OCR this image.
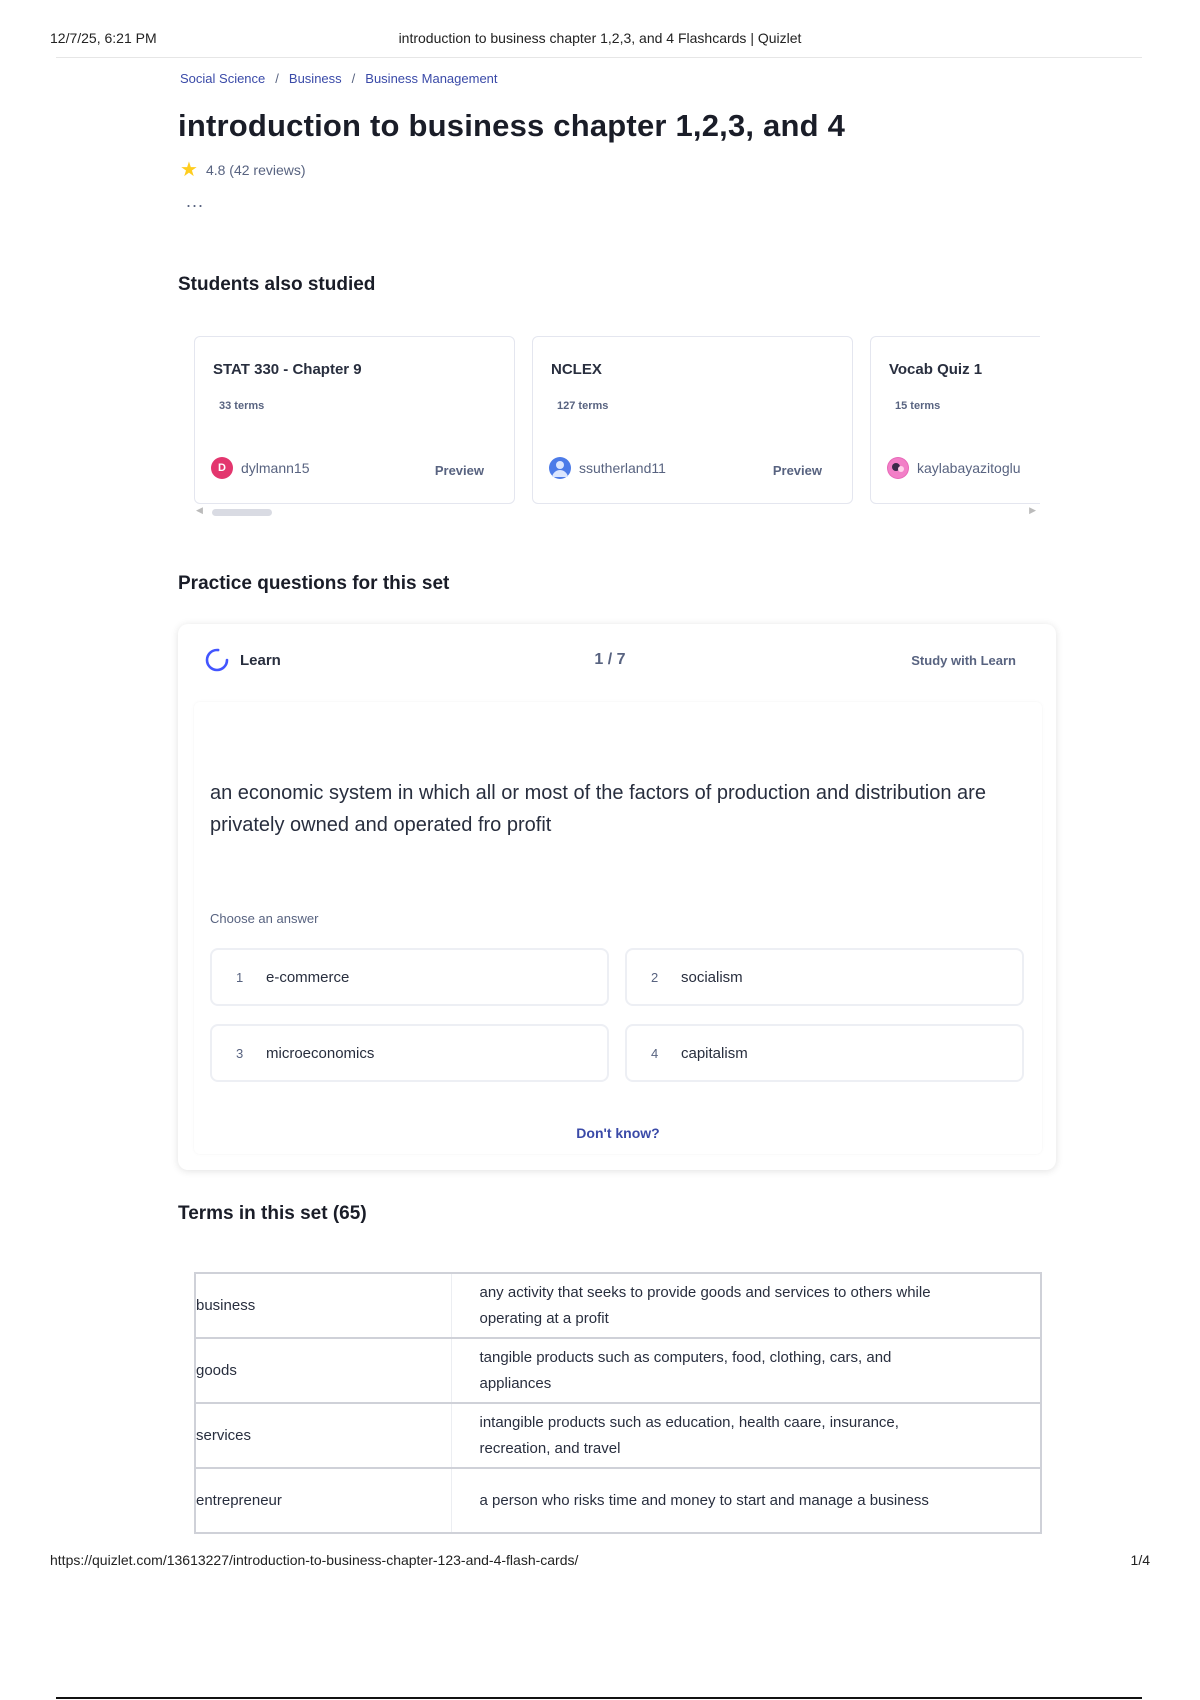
12/7/25, 6:21 PM	introduction to business chapter 1,2,3, and 4 Flashcards | Quizlet
Social Science / Business / Business Management
introduction to business chapter 1,2,3, and 4
★ 4.8 (42 reviews)
...
Students also studied
STAT 330 - Chapter 9
33 terms
D	dylmann15	Preview
NCLEX
127 terms
ssutherland11	Preview
Vocab Quiz 1
15 terms
kaylabayazitoglu
◀	▶
Practice questions for this set
Learn	1 / 7	Study with Learn
an economic system in which all or most of the factors of production and distribution are privately owned and operated fro profit
Choose an answer
1	e-commerce	2	socialism
3	microeconomics	4	capitalism
Don't know?
Terms in this set (65)
business	any activity that seeks to provide goods and services to others while operating at a profit
goods	tangible products such as computers, food, clothing, cars, and appliances
services	intangible products such as education, health caare, insurance, recreation, and travel
entrepreneur	a person who risks time and money to start and manage a business
https://quizlet.com/13613227/introduction-to-business-chapter-123-and-4-flash-cards/	1/4
